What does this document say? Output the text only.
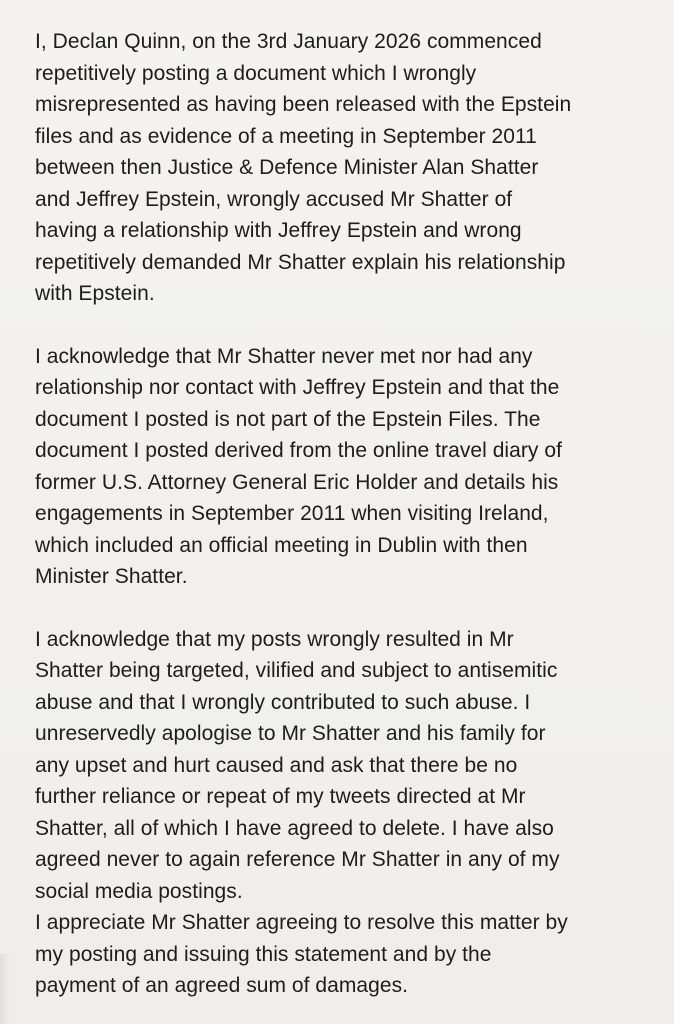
I, Declan Quinn, on the 3rd January 2026 commenced
repetitively posting a document which I wrongly
misrepresented as having been released with the Epstein
files and as evidence of a meeting in September 2011
between then Justice & Defence Minister Alan Shatter
and Jeffrey Epstein, wrongly accused Mr Shatter of
having a relationship with Jeffrey Epstein and wrong
repetitively demanded Mr Shatter explain his relationship
with Epstein.

I acknowledge that Mr Shatter never met nor had any
relationship nor contact with Jeffrey Epstein and that the
document I posted is not part of the Epstein Files. The
document I posted derived from the online travel diary of
former U.S. Attorney General Eric Holder and details his
engagements in September 2011 when visiting Ireland,
which included an official meeting in Dublin with then
Minister Shatter.

I acknowledge that my posts wrongly resulted in Mr
Shatter being targeted, vilified and subject to antisemitic
abuse and that I wrongly contributed to such abuse. I
unreservedly apologise to Mr Shatter and his family for
any upset and hurt caused and ask that there be no
further reliance or repeat of my tweets directed at Mr
Shatter, all of which I have agreed to delete. I have also
agreed never to again reference Mr Shatter in any of my
social media postings.
I appreciate Mr Shatter agreeing to resolve this matter by
my posting and issuing this statement and by the
payment of an agreed sum of damages.
